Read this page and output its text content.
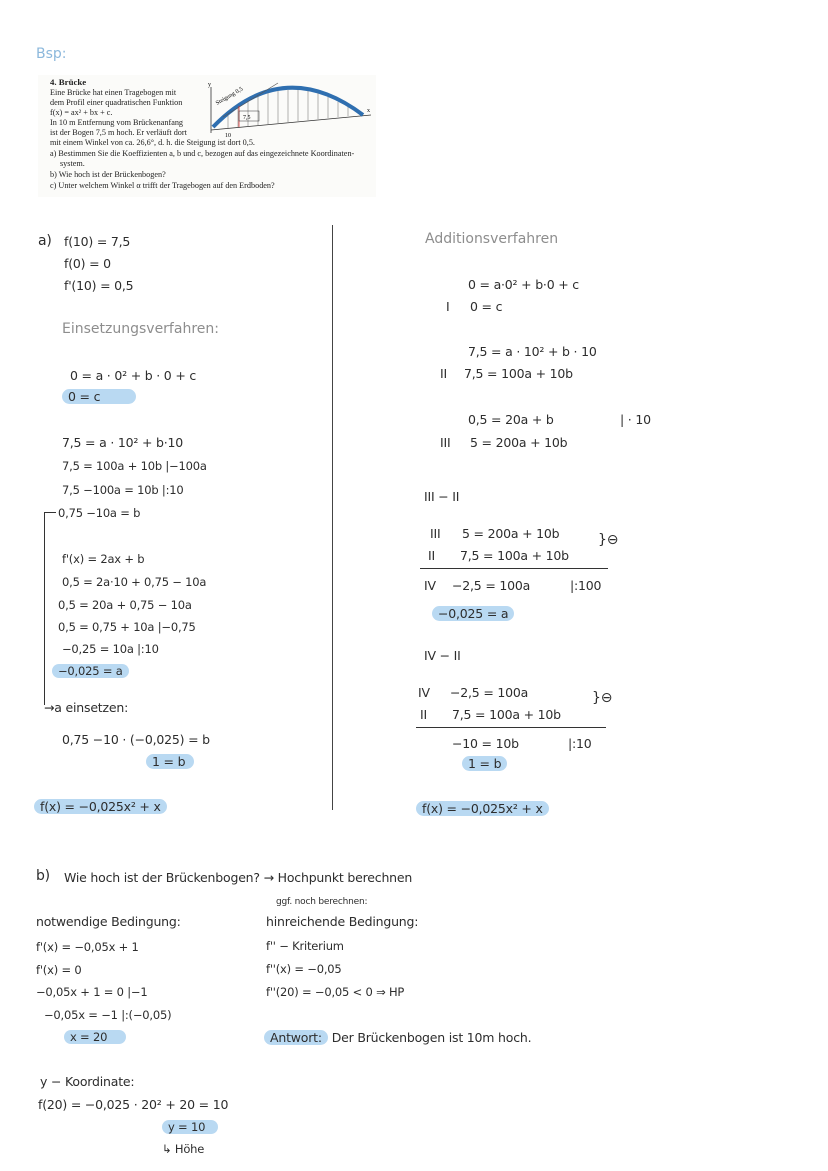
Bsp:
4. Brücke
Eine Brücke hat einen Tragebogen mit
dem Profil einer quadratischen Funktion
f(x) = ax² + bx + c.
In 10 m Entfernung vom Brückenanfang
ist der Bogen 7,5 m hoch. Er verläuft dort
mit einem Winkel von ca. 26,6°, d. h. die Steigung ist dort 0,5.
a) Bestimmen Sie die Koeffizienten a, b und c, bezogen auf das eingezeichnete Koordinaten-
system.
b) Wie hoch ist der Brückenbogen?
c) Unter welchem Winkel α trifft der Tragebogen auf den Erdboden?
y
x
7,5
10
Steigung 0,5
a) f(10) = 7,5
f(0) = 0
f'(10) = 0,5
Einsetzungsverfahren:
0 = a · 0² + b · 0 + c
0 = c
7,5 = a · 10² + b·10
7,5 = 100a + 10b |−100a
7,5 −100a = 10b |:10
0,75 −10a = b
f'(x) = 2ax + b
0,5 = 2a·10 + 0,75 − 10a
0,5 = 20a + 0,75 − 10a
0,5 = 0,75 + 10a |−0,75
−0,25 = 10a |:10
−0,025 = a
→a einsetzen:
0,75 −10 · (−0,025) = b
1 = b
f(x) = −0,025x² + x
Additionsverfahren
0 = a·0² + b·0 + c
I 0 = c
7,5 = a · 10² + b · 10
II 7,5 = 100a + 10b
0,5 = 20a + b	| · 10
III 5 = 200a + 10b
III − II
III 5 = 200a + 10b
II 7,5 = 100a + 10b
}⊖
IV −2,5 = 100a	|:100
−0,025 = a
IV − II
IV −2,5 = 100a
II 7,5 = 100a + 10b
}⊖
−10 = 10b	|:10
1 = b
f(x) = −0,025x² + x
b) Wie hoch ist der Brückenbogen? → Hochpunkt berechnen
ggf. noch berechnen:
notwendige Bedingung:
f'(x) = −0,05x + 1
f'(x) = 0
−0,05x + 1 = 0 |−1
−0,05x = −1 |:(−0,05)
x = 20
hinreichende Bedingung:
f'' − Kriterium
f''(x) = −0,05
f''(20) = −0,05 < 0 ⇒ HP
Antwort: Der Brückenbogen ist 10m hoch.
y − Koordinate:
f(20) = −0,025 · 20² + 20 = 10
y = 10
↳ Höhe
